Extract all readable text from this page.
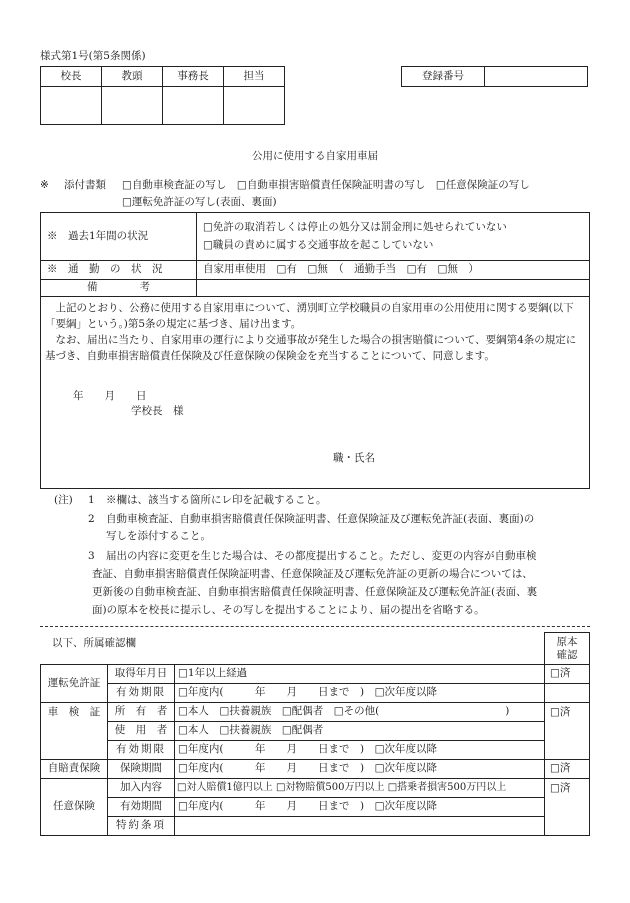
様式第1号(第5条関係)
校長	教頭	事務長	担当
				登録番号	
公用に使用する自家用車届
※ 添付書類 □自動車検査証の写し　□自動車損害賠償責任保険証明書の写し　□任意保険証の写し
□運転免許証の写し(表面、裏面)
※　過去1年間の状況	□免許の取消若しくは停止の処分又は罰金刑に処せられていない
□職員の責めに属する交通事故を起こしていない

※　通　勤　の　状　況	自家用車使用　□有　□無　（　通勤手当　□有　□無　）
備　　　　考	

上記のとおり、公務に使用する自家用車について、湧別町立学校職員の自家用車の公用使用に関する要綱(以下「要綱」という。)第5条の規定に基づき、届け出ます。
なお、届出に当たり、自家用車の運行により交通事故が発生した場合の損害賠償について、要綱第4条の規定に基づき、自動車損害賠償責任保険及び任意保険の保険金を充当することについて、同意します。
年　　月　　日
学校長　様
職・氏名	
(注) 1 ※欄は、該当する箇所にレ印を記載すること。
2 自動車検査証、自動車損害賠償責任保険証明書、任意保険証及び運転免許証(表面、裏面)の
写しを添付すること。
3 届出の内容に変更を生じた場合は、その都度提出すること。ただし、変更の内容が自動車検
査証、自動車損害賠償責任保険証明書、任意保険証及び運転免許証の更新の場合については、
更新後の自動車検査証、自動車損害賠償責任保険証明書、任意保険証及び運転免許証(表面、裏
面)の原本を校長に提示し、その写しを提出することにより、届の提出を省略する。
以下、所属確認欄

			原本
確認

運転免許証	取得年月日	□1年以上経過	□済
	有効期限	□年度内(　　　年　　月　　日まで　)　□次年度以降	
車　検　証	所　有　者	□本人　□扶養親族　□配偶者　□その他(　　　　　　　　　　　　)	□済
	使　用　者	□本人　□扶養親族　□配偶者	
	有効期限	□年度内(　　　年　　月　　日まで　)　□次年度以降	
自賠責保険	保険期間	□年度内(　　　年　　月　　日まで　)　□次年度以降	□済
任意保険	加入内容	□対人賠償1億円以上 □対物賠償500万円以上 □搭乗者損害500万円以上	□済
	有効期間	□年度内(　　　年　　月　　日まで　)　□次年度以降	
	特約条項		
